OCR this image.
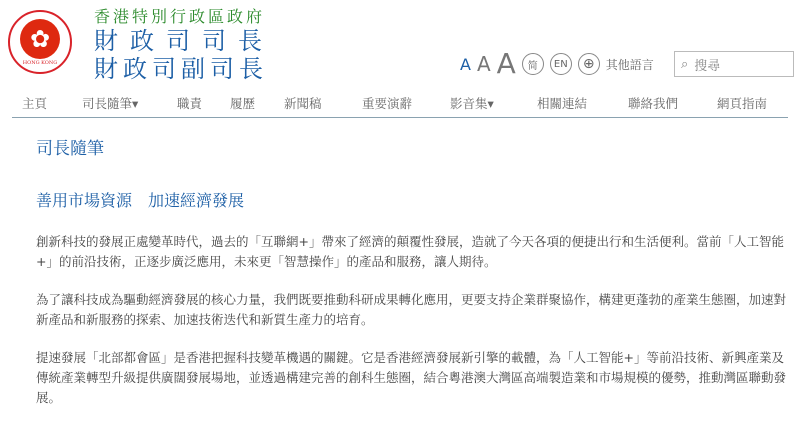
✿
HONG KONG
香港特別行政區政府
財政司司長
財政司副司長	A A A	简	EN	⊕ 其他語言 ⌕ 搜尋
主頁	司長隨筆▾	職責 履歷 新聞稿	重要演辭	影音集▾	相關連結	聯絡我們	網頁指南
司長隨筆
善用市場資源　加速經濟發展

創新科技的發展正處變革時代，過去的「互聯網+」帶來了經濟的顛覆性發展，造就了今天各項的便捷出行和生活便利。當前「人工智能+」的前沿技術，正逐步廣泛應用，未來更「智慧操作」的產品和服務，讓人期待。

為了讓科技成為驅動經濟發展的核心力量，我們既要推動科研成果轉化應用，更要支持企業群聚協作，構建更蓬勃的產業生態圈，加速對新產品和新服務的探索、加速技術迭代和新質生產力的培育。

提速發展「北部都會區」是香港把握科技變革機遇的關鍵。它是香港經濟發展新引擎的載體，為「人工智能+」等前沿技術、新興產業及傳統產業轉型升級提供廣闊發展場地，並透過構建完善的創科生態圈，結合粵港澳大灣區高端製造業和市場規模的優勢，推動灣區聯動發展。
